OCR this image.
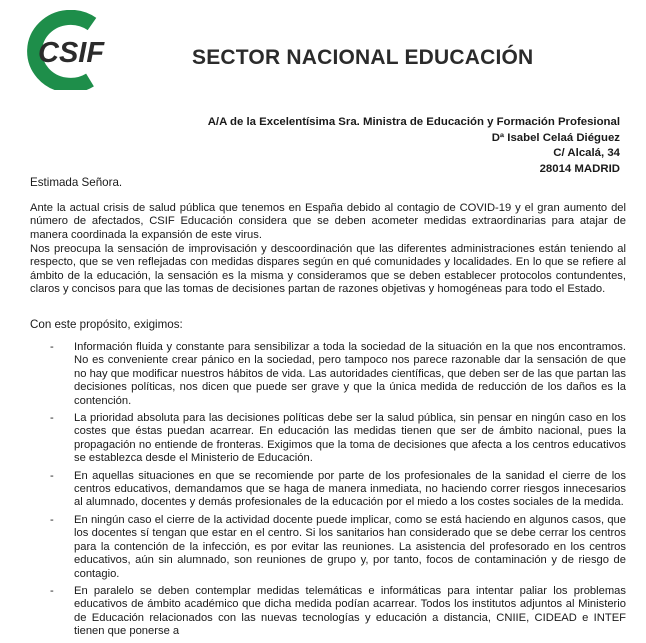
CSIF	SECTOR NACIONAL EDUCACIÓN
A/A de la Excelentísima Sra. Ministra de Educación y Formación Profesional
Dª Isabel Celaá Diéguez
C/ Alcalá, 34
28014 MADRID
Estimada Señora.
Ante la actual crisis de salud pública que tenemos en España debido al contagio de COVID-19 y el gran aumento del número de afectados, CSIF Educación considera que se deben acometer medidas extraordinarias para atajar de manera coordinada la expansión de este virus.
Nos preocupa la sensación de improvisación y descoordinación que las diferentes administraciones están teniendo al respecto, que se ven reflejadas con medidas dispares según en qué comunidades y localidades. En lo que se refiere al ámbito de la educación, la sensación es la misma y consideramos que se deben establecer protocolos contundentes, claros y concisos para que las tomas de decisiones partan de razones objetivas y homogéneas para todo el Estado.
Con este propósito, exigimos:
- Información fluida y constante para sensibilizar a toda la sociedad de la situación en la que nos encontramos. No es conveniente crear pánico en la sociedad, pero tampoco nos parece razonable dar la sensación de que no hay que modificar nuestros hábitos de vida. Las autoridades científicas, que deben ser de las que partan las decisiones políticas, nos dicen que puede ser grave y que la única medida de reducción de los daños es la contención.
- La prioridad absoluta para las decisiones políticas debe ser la salud pública, sin pensar en ningún caso en los costes que éstas puedan acarrear. En educación las medidas tienen que ser de ámbito nacional, pues la propagación no entiende de fronteras. Exigimos que la toma de decisiones que afecta a los centros educativos se establezca desde el Ministerio de Educación.
- En aquellas situaciones en que se recomiende por parte de los profesionales de la sanidad el cierre de los centros educativos, demandamos que se haga de manera inmediata, no haciendo correr riesgos innecesarios al alumnado, docentes y demás profesionales de la educación por el miedo a los costes sociales de la medida.
- En ningún caso el cierre de la actividad docente puede implicar, como se está haciendo en algunos casos, que los docentes sí tengan que estar en el centro. Si los sanitarios han considerado que se debe cerrar los centros para la contención de la infección, es por evitar las reuniones. La asistencia del profesorado en los centros educativos, aún sin alumnado, son reuniones de grupo y, por tanto, focos de contaminación y de riesgo de contagio.
- En paralelo se deben contemplar medidas telemáticas e informáticas para intentar paliar los problemas educativos de ámbito académico que dicha medida podían acarrear. Todos los institutos adjuntos al Ministerio de Educación relacionados con las nuevas tecnologías y educación a distancia, CNIIE, CIDEAD e INTEF tienen que ponerse a
